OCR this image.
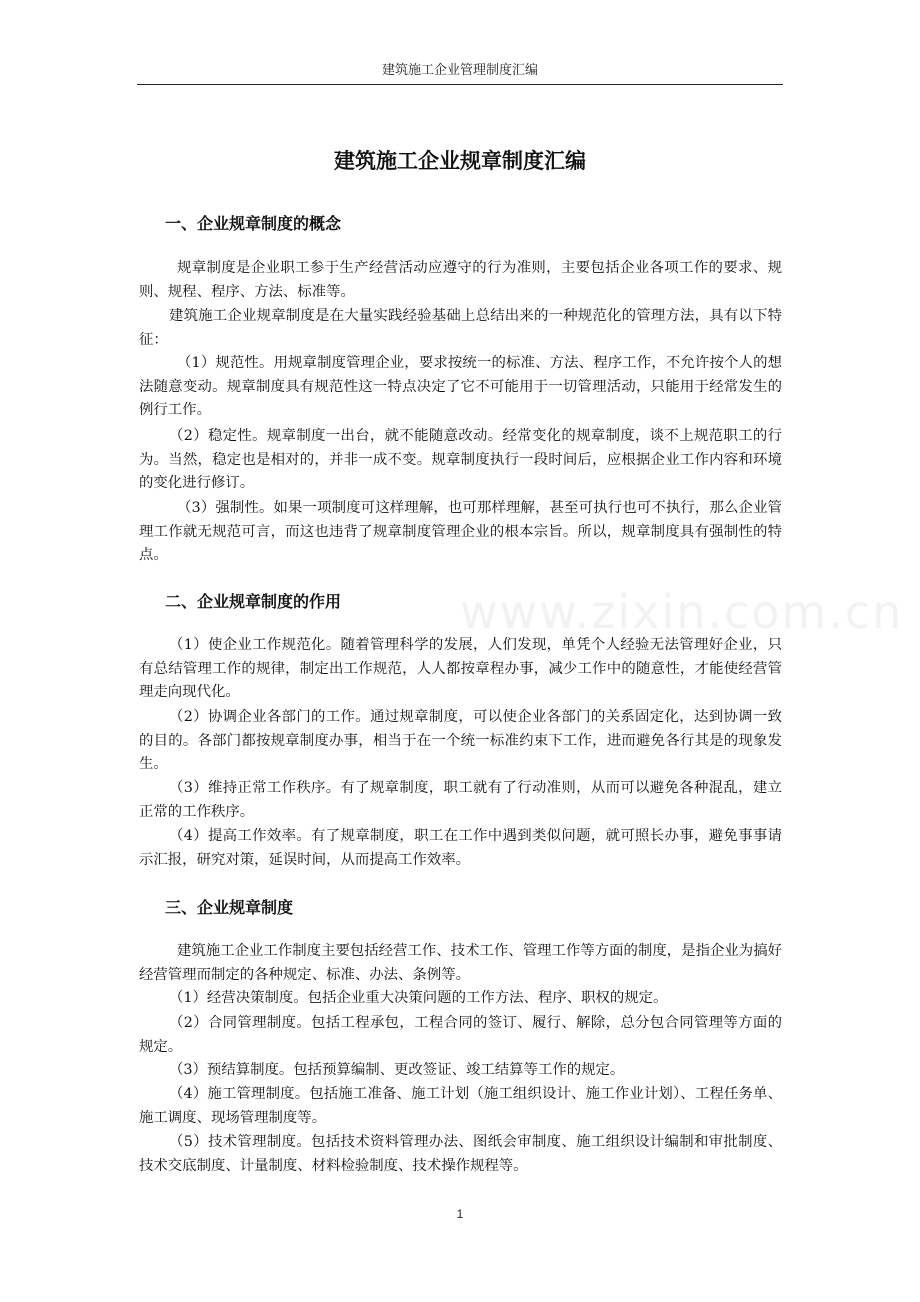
建筑施工企业管理制度汇编
www.zixin.com.cn
建筑施工企业规章制度汇编
一、企业规章制度的概念

规章制度是企业职工参于生产经营活动应遵守的行为准则，主要包括企业各项工作的要求、规则、规程、程序、方法、标准等。

建筑施工企业规章制度是在大量实践经验基础上总结出来的一种规范化的管理方法，具有以下特征：

（1）规范性。用规章制度管理企业，要求按统一的标准、方法、程序工作，不允许按个人的想法随意变动。规章制度具有规范性这一特点决定了它不可能用于一切管理活动，只能用于经常发生的例行工作。

（2）稳定性。规章制度一出台，就不能随意改动。经常变化的规章制度，谈不上规范职工的行为。当然，稳定也是相对的，并非一成不变。规章制度执行一段时间后，应根据企业工作内容和环境的变化进行修订。

（3）强制性。如果一项制度可这样理解，也可那样理解，甚至可执行也可不执行，那么企业管理工作就无规范可言，而这也违背了规章制度管理企业的根本宗旨。所以，规章制度具有强制性的特点。

二、企业规章制度的作用

（1）使企业工作规范化。随着管理科学的发展，人们发现，单凭个人经验无法管理好企业，只有总结管理工作的规律，制定出工作规范，人人都按章程办事，减少工作中的随意性，才能使经营管理走向现代化。

（2）协调企业各部门的工作。通过规章制度，可以使企业各部门的关系固定化，达到协调一致的目的。各部门都按规章制度办事，相当于在一个统一标准约束下工作，进而避免各行其是的现象发生。

（3）维持正常工作秩序。有了规章制度，职工就有了行动准则，从而可以避免各种混乱，建立正常的工作秩序。

（4）提高工作效率。有了规章制度，职工在工作中遇到类似问题，就可照长办事，避免事事请示汇报，研究对策，延误时间，从而提高工作效率。

三、企业规章制度

建筑施工企业工作制度主要包括经营工作、技术工作、管理工作等方面的制度，是指企业为搞好经营管理而制定的各种规定、标准、办法、条例等。

（1）经营决策制度。包括企业重大决策问题的工作方法、程序、职权的规定。

（2）合同管理制度。包括工程承包，工程合同的签订、履行、解除，总分包合同管理等方面的规定。

（3）预结算制度。包括预算编制、更改签证、竣工结算等工作的规定。

（4）施工管理制度。包括施工准备、施工计划（施工组织设计、施工作业计划）、工程任务单、施工调度、现场管理制度等。

（5）技术管理制度。包括技术资料管理办法、图纸会审制度、施工组织设计编制和审批制度、技术交底制度、计量制度、材料检验制度、技术操作规程等。

1
